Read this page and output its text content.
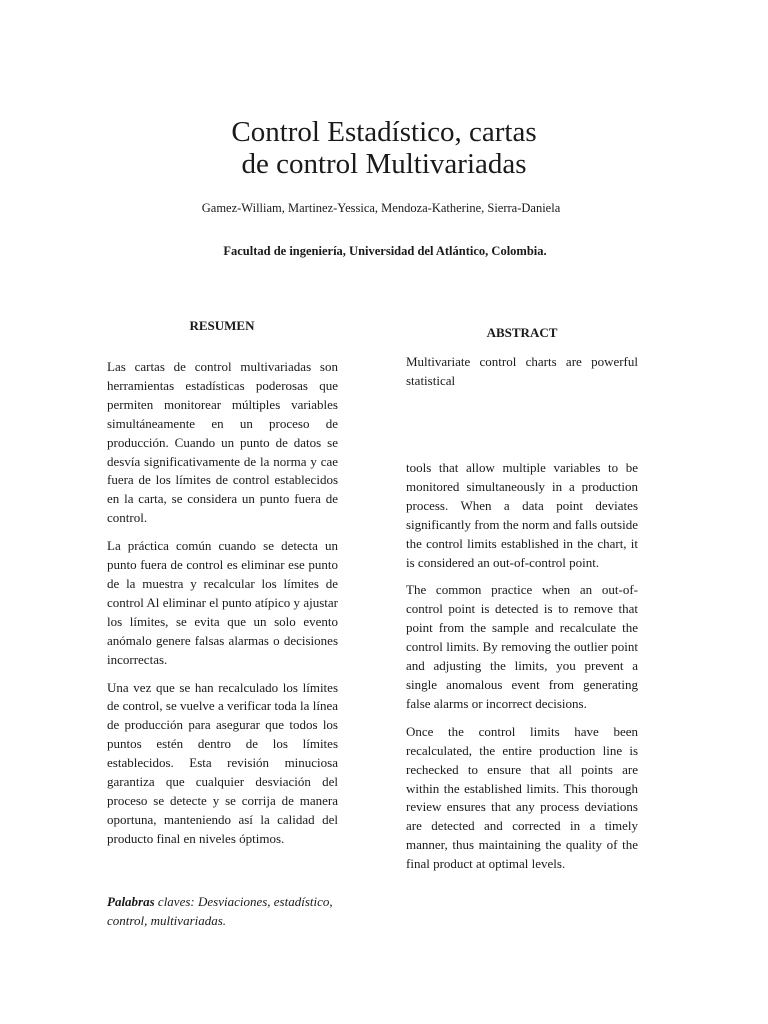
Control Estadístico, cartas
de control Multivariadas
Gamez-William, Martinez-Yessica, Mendoza-Katherine, Sierra-Daniela
Facultad de ingeniería, Universidad del Atlántico, Colombia.
RESUMEN	ABSTRACT

Las cartas de control multivariadas son herramientas estadísticas poderosas que permiten monitorear múltiples variables simultáneamente en un proceso de producción. Cuando un punto de datos se desvía significativamente de la norma y cae fuera de los límites de control establecidos en la carta, se considera un punto fuera de control.

La práctica común cuando se detecta un punto fuera de control es eliminar ese punto de la muestra y recalcular los límites de control Al eliminar el punto atípico y ajustar los límites, se evita que un solo evento anómalo genere falsas alarmas o decisiones incorrectas.

Una vez que se han recalculado los límites de control, se vuelve a verificar toda la línea de producción para asegurar que todos los puntos estén dentro de los límites establecidos. Esta revisión minuciosa garantiza que cualquier desviación del proceso se detecte y se corrija de manera oportuna, manteniendo así la calidad del producto final en niveles óptimos.

Palabras claves: Desviaciones, estadístico, control, multivariadas.

Multivariate control charts are powerful statistical

tools that allow multiple variables to be monitored simultaneously in a production process. When a data point deviates significantly from the norm and falls outside the control limits established in the chart, it is considered an out-of-control point.

The common practice when an out-of-control point is detected is to remove that point from the sample and recalculate the control limits. By removing the outlier point and adjusting the limits, you prevent a single anomalous event from generating false alarms or incorrect decisions.

Once the control limits have been recalculated, the entire production line is rechecked to ensure that all points are within the established limits. This thorough review ensures that any process deviations are detected and corrected in a timely manner, thus maintaining the quality of the final product at optimal levels.
